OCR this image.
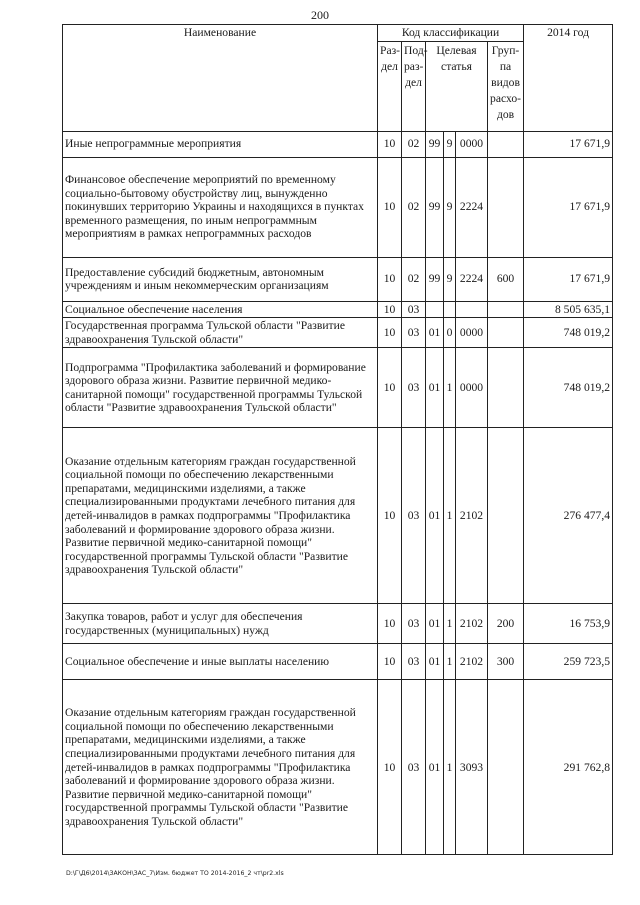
200
Наименование	Код классификации						2014 год
	Раз-дел	Под-раз-дел	Целевая статья			Груп-па видов расхо-дов	
Иные непрограммные мероприятия	10	02	99	9	0000		17 671,9
Финансовое обеспечение мероприятий по временному социально-бытовому обустройству лиц, вынужденно покинувших территорию Украины и находящихся в пунктах временного размещения, по иным непрограммным мероприятиям в рамках непрограммных расходов	10	02	99	9	2224		17 671,9
Предоставление субсидий бюджетным, автономным учреждениям и иным некоммерческим организациям	10	02	99	9	2224	600	17 671,9
Социальное обеспечение населения	10	03					8 505 635,1
Государственная программа Тульской области "Развитие здравоохранения Тульской области"	10	03	01	0	0000		748 019,2
Подпрограмма "Профилактика заболеваний и формирование здорового образа жизни. Развитие первичной медико-санитарной помощи" государственной программы Тульской области "Развитие здравоохранения Тульской области"	10	03	01	1	0000		748 019,2
Оказание отдельным категориям граждан государственной социальной помощи по обеспечению лекарственными препаратами, медицинскими изделиями, а также специализированными продуктами лечебного питания для детей-инвалидов в рамках подпрограммы "Профилактика заболеваний и формирование здорового образа жизни. Развитие первичной медико-санитарной помощи" государственной программы Тульской области "Развитие здравоохранения Тульской области"	10	03	01	1	2102		276 477,4
Закупка товаров, работ и услуг для обеспечения государственных (муниципальных) нужд	10	03	01	1	2102	200	16 753,9
Социальное обеспечение и иные выплаты населению	10	03	01	1	2102	300	259 723,5
Оказание отдельным категориям граждан государственной социальной помощи по обеспечению лекарственными препаратами, медицинскими изделиями, а также специализированными продуктами лечебного питания для детей-инвалидов в рамках подпрограммы "Профилактика заболеваний и формирование здорового образа жизни. Развитие первичной медико-санитарной помощи" государственной программы Тульской области "Развитие здравоохранения Тульской области"	10	03	01	1	3093		291 762,8
D:\Г\Д6\2014\ЗАКОН\ЗАС_7\Изм. бюджет ТО 2014-2016_2 чт\pr2.xls
